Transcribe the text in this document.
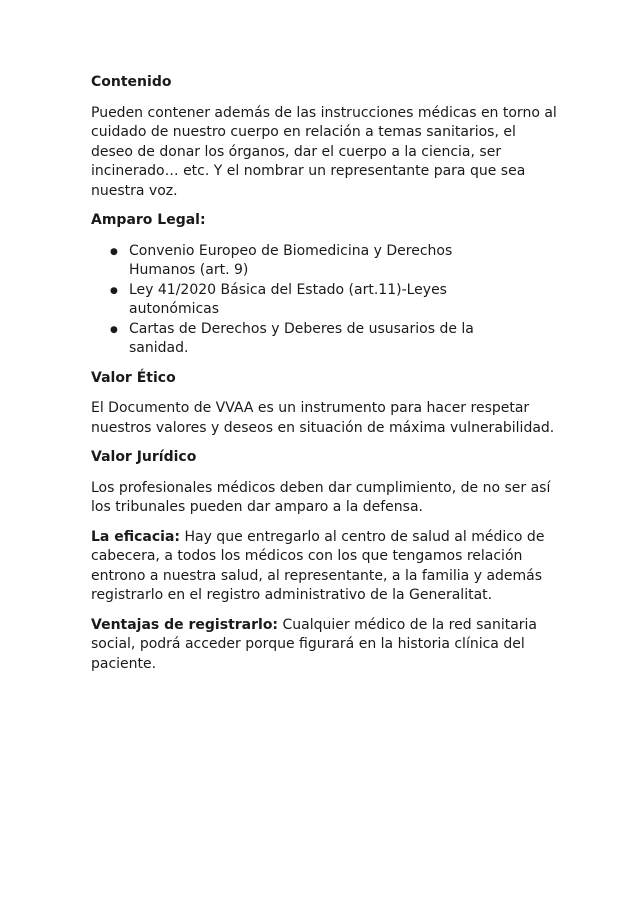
Contenido

Pueden contener además de las instrucciones médicas en torno al cuidado de nuestro cuerpo en relación a temas sanitarios, el deseo de donar los órganos, dar el cuerpo a la ciencia, ser incinerado… etc. Y el nombrar un representante para que sea nuestra voz.

Amparo Legal:
● Convenio Europeo de Biomedicina y Derechos Humanos (art. 9)
● Ley 41/2020 Básica del Estado (art.11)-Leyes autonómicas
● Cartas de Derechos y Deberes de ususarios de la sanidad.
Valor Ético

El Documento de VVAA es un instrumento para hacer respetar nuestros valores y deseos en situación de máxima vulnerabilidad.

Valor Jurídico

Los profesionales médicos deben dar cumplimiento, de no ser así los tribunales pueden dar amparo a la defensa.

La eficacia: Hay que entregarlo al centro de salud al médico de cabecera, a todos los médicos con los que tengamos relación entrono a nuestra salud, al representante, a la familia y además registrarlo en el registro administrativo de la Generalitat.

Ventajas de registrarlo: Cualquier médico de la red sanitaria social, podrá acceder porque figurará en la historia clínica del paciente.
